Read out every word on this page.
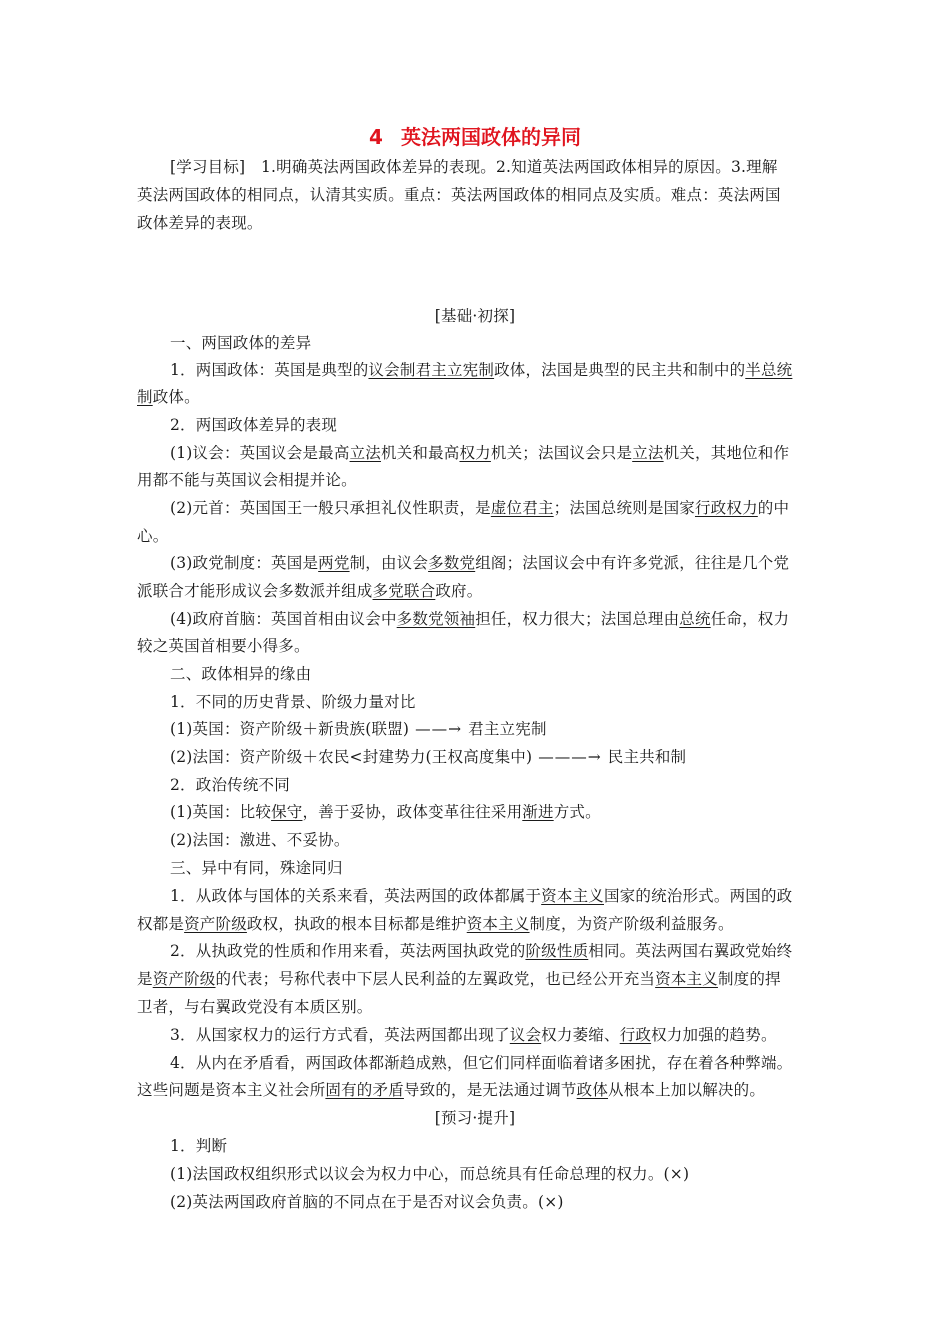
4 英法两国政体的异同
[学习目标]　1.明确英法两国政体差异的表现。2.知道英法两国政体相异的原因。3.理解
英法两国政体的相同点，认清其实质。重点：英法两国政体的相同点及实质。难点：英法两国
政体差异的表现。
[基础·初探]
一、两国政体的差异
1．两国政体：英国是典型的议会制君主立宪制政体，法国是典型的民主共和制中的半总统
制政体。
2．两国政体差异的表现
(1)议会：英国议会是最高立法机关和最高权力机关；法国议会只是立法机关，其地位和作
用都不能与英国议会相提并论。
(2)元首：英国国王一般只承担礼仪性职责，是虚位君主；法国总统则是国家行政权力的中
心。
(3)政党制度：英国是两党制，由议会多数党组阁；法国议会中有许多党派，往往是几个党
派联合才能形成议会多数派并组成多党联合政府。
(4)政府首脑：英国首相由议会中多数党领袖担任，权力很大；法国总理由总统任命，权力
较之英国首相要小得多。
二、政体相异的缘由
1．不同的历史背景、阶级力量对比
(1)英国：资产阶级＋新贵族(联盟) ——→ 君主立宪制
(2)法国：资产阶级＋农民<封建势力(王权高度集中) ———→ 民主共和制
2．政治传统不同
(1)英国：比较保守，善于妥协，政体变革往往采用渐进方式。
(2)法国：激进、不妥协。
三、异中有同，殊途同归
1．从政体与国体的关系来看，英法两国的政体都属于资本主义国家的统治形式。两国的政
权都是资产阶级政权，执政的根本目标都是维护资本主义制度，为资产阶级利益服务。
2．从执政党的性质和作用来看，英法两国执政党的阶级性质相同。英法两国右翼政党始终
是资产阶级的代表；号称代表中下层人民利益的左翼政党，也已经公开充当资本主义制度的捍
卫者，与右翼政党没有本质区别。
3．从国家权力的运行方式看，英法两国都出现了议会权力萎缩、行政权力加强的趋势。
4．从内在矛盾看，两国政体都渐趋成熟，但它们同样面临着诸多困扰，存在着各种弊端。
这些问题是资本主义社会所固有的矛盾导致的，是无法通过调节政体从根本上加以解决的。
[预习·提升]
1．判断
(1)法国政权组织形式以议会为权力中心，而总统具有任命总理的权力。(×)
(2)英法两国政府首脑的不同点在于是否对议会负责。(×)
